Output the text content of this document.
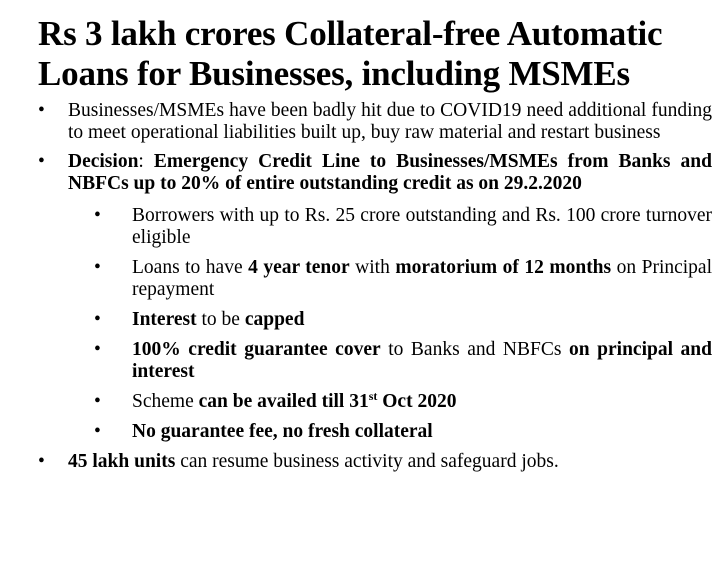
Rs 3 lakh crores Collateral-free Automatic
Loans for Businesses, including MSMEs
•	Businesses/MSMEs have been badly hit due to COVID19 need additional funding to meet operational liabilities built up, buy raw material and restart business
•	Decision: Emergency Credit Line to Businesses/MSMEs from Banks and NBFCs up to 20% of entire outstanding credit as on 29.2.2020
•	Borrowers with up to Rs. 25 crore outstanding and Rs. 100 crore turnover eligible
•	Loans to have 4 year tenor with moratorium of 12 months on Principal repayment
•	Interest to be capped
•	100% credit guarantee cover to Banks and NBFCs on principal and interest
•	Scheme can be availed till 31st Oct 2020
•	No guarantee fee, no fresh collateral
•	45 lakh units can resume business activity and safeguard jobs.
